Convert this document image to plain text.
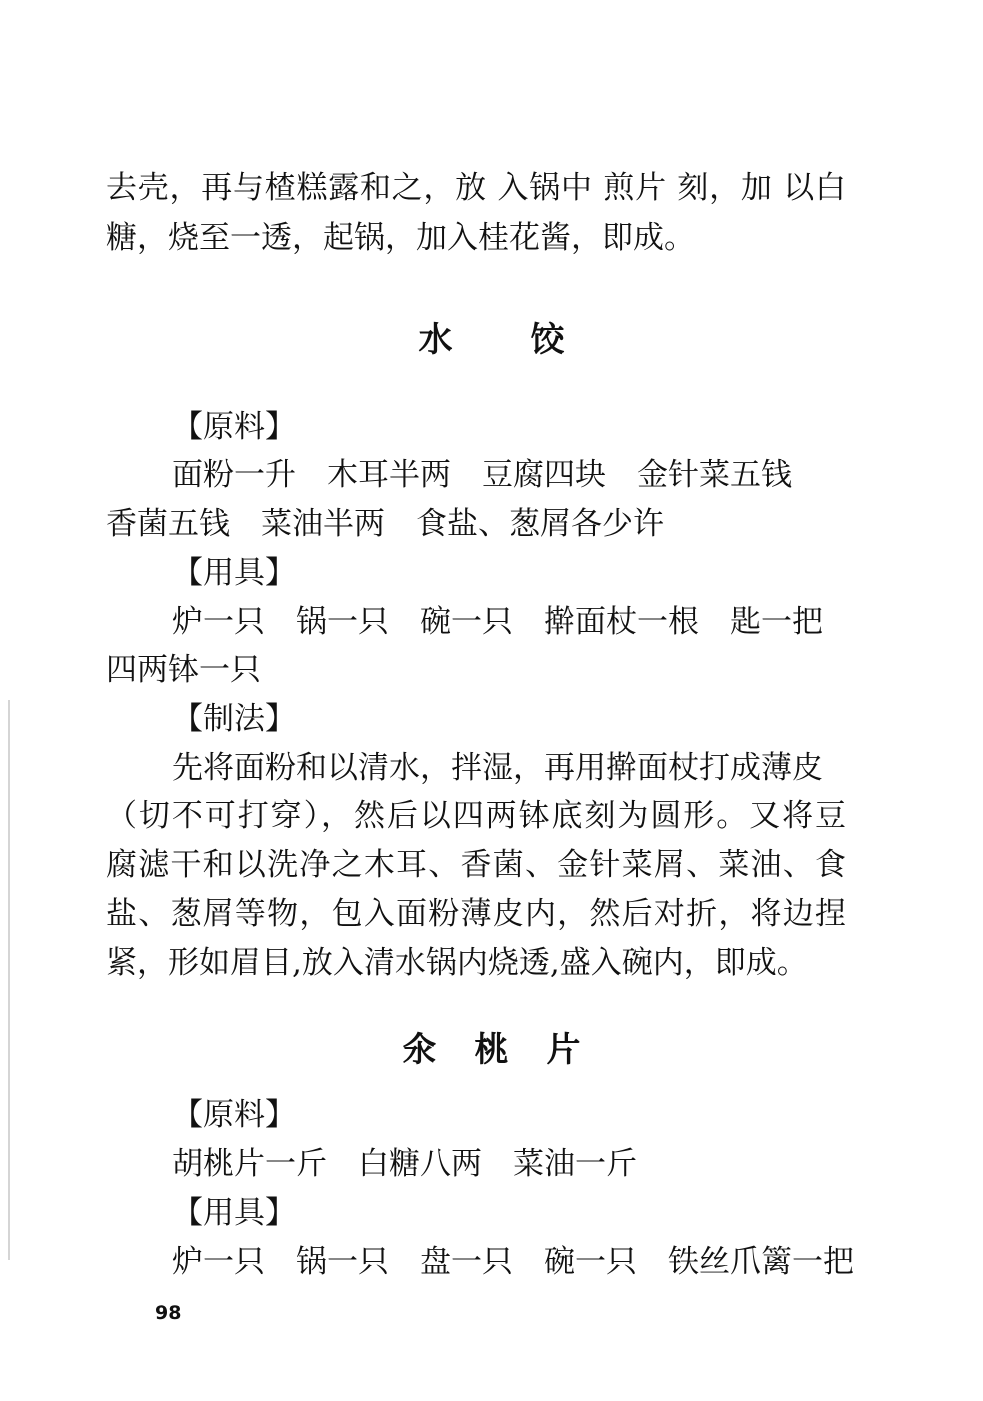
去壳，再与楂糕露和之，放 入锅中 煎片 刻，加 以白
糖，烧至一透，起锅，加入桂花酱，即成。
水饺
【原料】
面粉一升　木耳半两　豆腐四块　金针菜五钱
香菌五钱　菜油半两　食盐、葱屑各少许
【用具】
炉一只　锅一只　碗一只　擀面杖一根　匙一把
四两钵一只
【制法】
先将面粉和以清水，拌湿，再用擀面杖打成薄皮
（切不可打穿），然后以四两钵底刻为圆形。又将豆
腐滤干和以洗净之木耳、香菌、金针菜屑、菜油、食
盐、葱屑等物，包入面粉薄皮内，然后对折，将边捏
紧，形如眉目,放入清水锅内烧透,盛入碗内，即成。
氽桃片
【原料】
胡桃片一斤　白糖八两　菜油一斤
【用具】
炉一只　锅一只　盘一只　碗一只　铁丝爪篱一把
98
